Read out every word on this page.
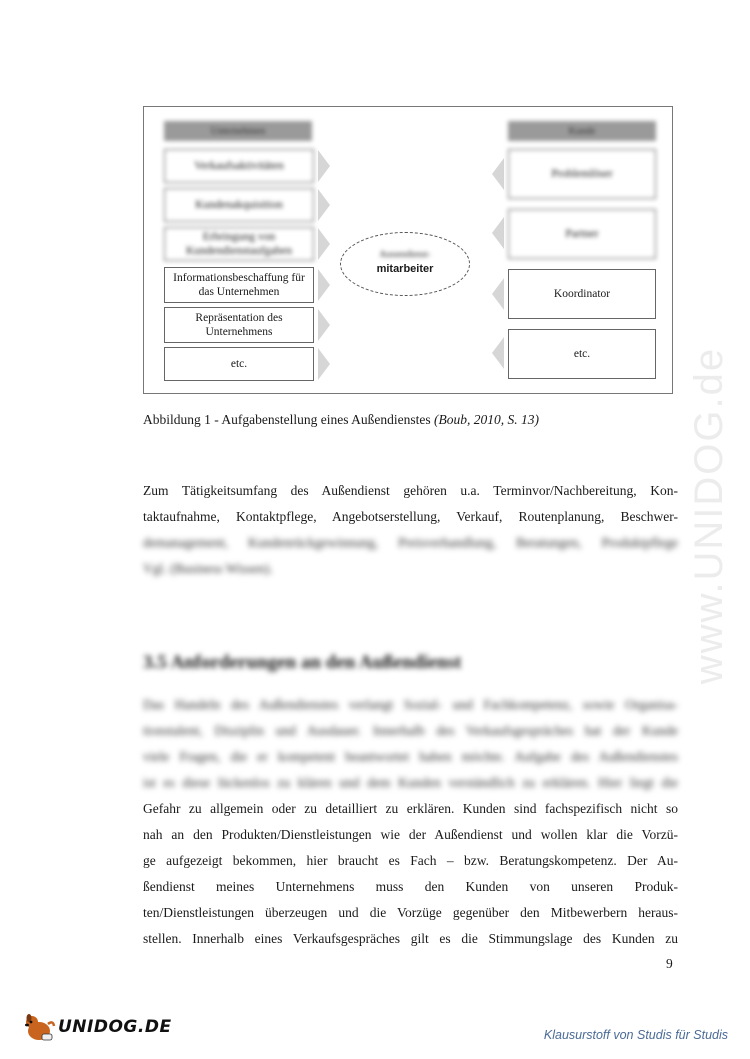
www.UNIDOG.de
Unternehmen	Kunde
Verkaufsaktivitäten
Kundenakquisition
Erbringung von Kundendienstaufgaben
Informationsbeschaffung für das Unternehmen
Repräsentation des Unternehmens
etc.
Problemlöser
Partner
Koordinator
etc.
Aussendienst-
mitarbeiter
Abbildung 1 - Aufgabenstellung eines Außendienstes (Boub, 2010, S. 13)
Zum Tätigkeitsumfang des Außendienst gehören u.a. Terminvor/Nachbereitung, Kon-
taktaufnahme, Kontaktpflege, Angebotserstellung, Verkauf, Routenplanung, Beschwer-
demanagement, Kundenrückgewinnung, Preisverhandlung, Beratungen, Produktpflege
Vgl. (Business Wissen).
3.5 Anforderungen an den Außendienst
Das Handeln des Außendienstes verlangt Sozial- und Fachkompetenz, sowie Organisa-
tionstalent, Disziplin und Ausdauer. Innerhalb des Verkaufsgespräches hat der Kunde
viele Fragen, die er kompetent beantwortet haben möchte. Aufgabe des Außendienstes
ist es diese lückenlos zu klären und dem Kunden verständlich zu erklären. Hier liegt die
Gefahr zu allgemein oder zu detailliert zu erklären. Kunden sind fachspezifisch nicht so
nah an den Produkten/Dienstleistungen wie der Außendienst und wollen klar die Vorzü-
ge aufgezeigt bekommen, hier braucht es Fach – bzw. Beratungskompetenz. Der Au-
ßendienst meines Unternehmens muss den Kunden von unseren Produk-
ten/Dienstleistungen überzeugen und die Vorzüge gegenüber den Mitbewerbern heraus-
stellen. Innerhalb eines Verkaufsgespräches gilt es die Stimmungslage des Kunden zu
9
UNIDOG.DE	Klausurstoff von Studis für Studis
